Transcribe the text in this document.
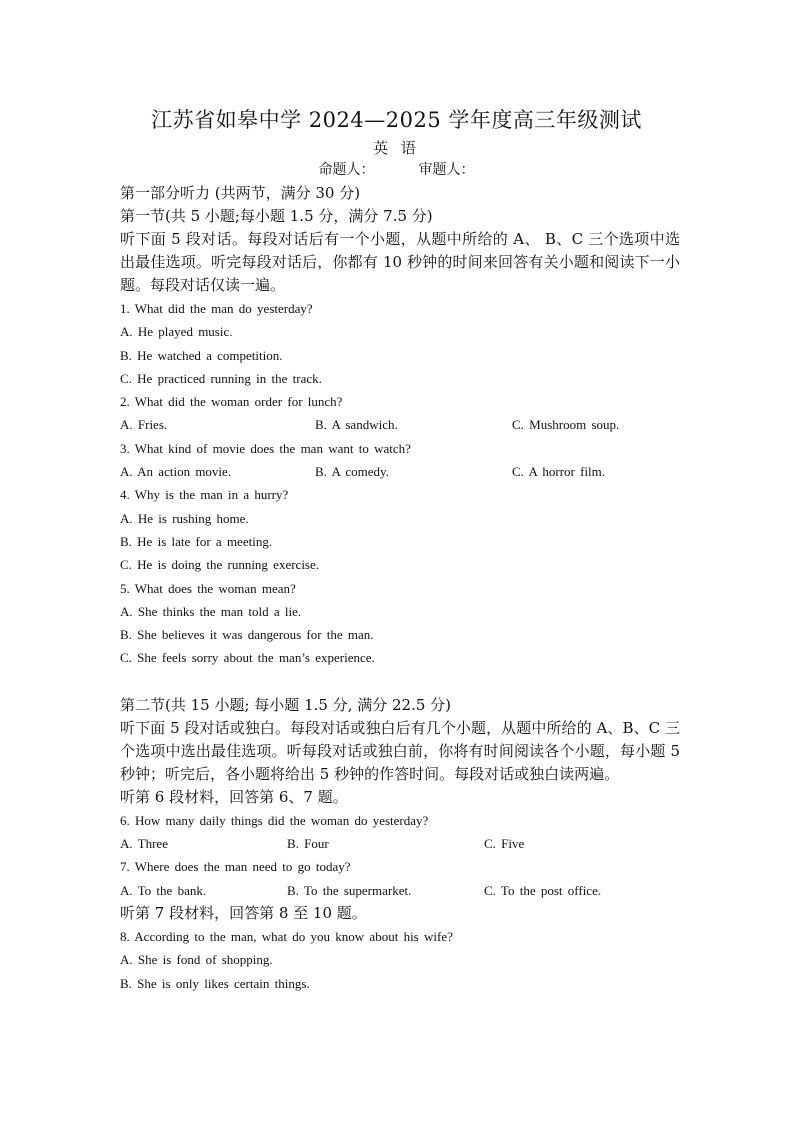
江苏省如皋中学 2024—2025 学年度高三年级测试
英 语
命题人：	审题人：
第一部分听力 (共两节，满分 30 分)
第一节(共 5 小题;每小题 1.5 分，满分 7.5 分)
听下面 5 段对话。每段对话后有一个小题，从题中所给的 A、 B、C 三个选项中选出最佳选项。听完每段对话后，你都有 10 秒钟的时间来回答有关小题和阅读下一小题。每段对话仅读一遍。
1. What did the man do yesterday?
A. He played music.
B. He watched a competition.
C. He practiced running in the track.
2. What did the woman order for lunch?
A. Fries.	B. A sandwich.	C. Mushroom soup.
3. What kind of movie does the man want to watch?
A. An action movie.	B. A comedy.	C. A horror film.
4. Why is the man in a hurry?
A. He is rushing home.
B. He is late for a meeting.
C. He is doing the running exercise.
5. What does the woman mean?
A. She thinks the man told a lie.
B. She believes it was dangerous for the man.
C. She feels sorry about the man’s experience.
第二节(共 15 小题; 每小题 1.5 分, 满分 22.5 分)
听下面 5 段对话或独白。每段对话或独白后有几个小题，从题中所给的 A、B、C 三个选项中选出最佳选项。听每段对话或独白前，你将有时间阅读各个小题，每小题 5 秒钟；听完后，各小题将给出 5 秒钟的作答时间。每段对话或独白读两遍。
听第 6 段材料，回答第 6、7 题。
6. How many daily things did the woman do yesterday?
A. Three	B. Four	C. Five
7. Where does the man need to go today?
A. To the bank.	B. To the supermarket.	C. To the post office.
听第 7 段材料，回答第 8 至 10 题。
8. According to the man, what do you know about his wife?
A. She is fond of shopping.
B. She is only likes certain things.
